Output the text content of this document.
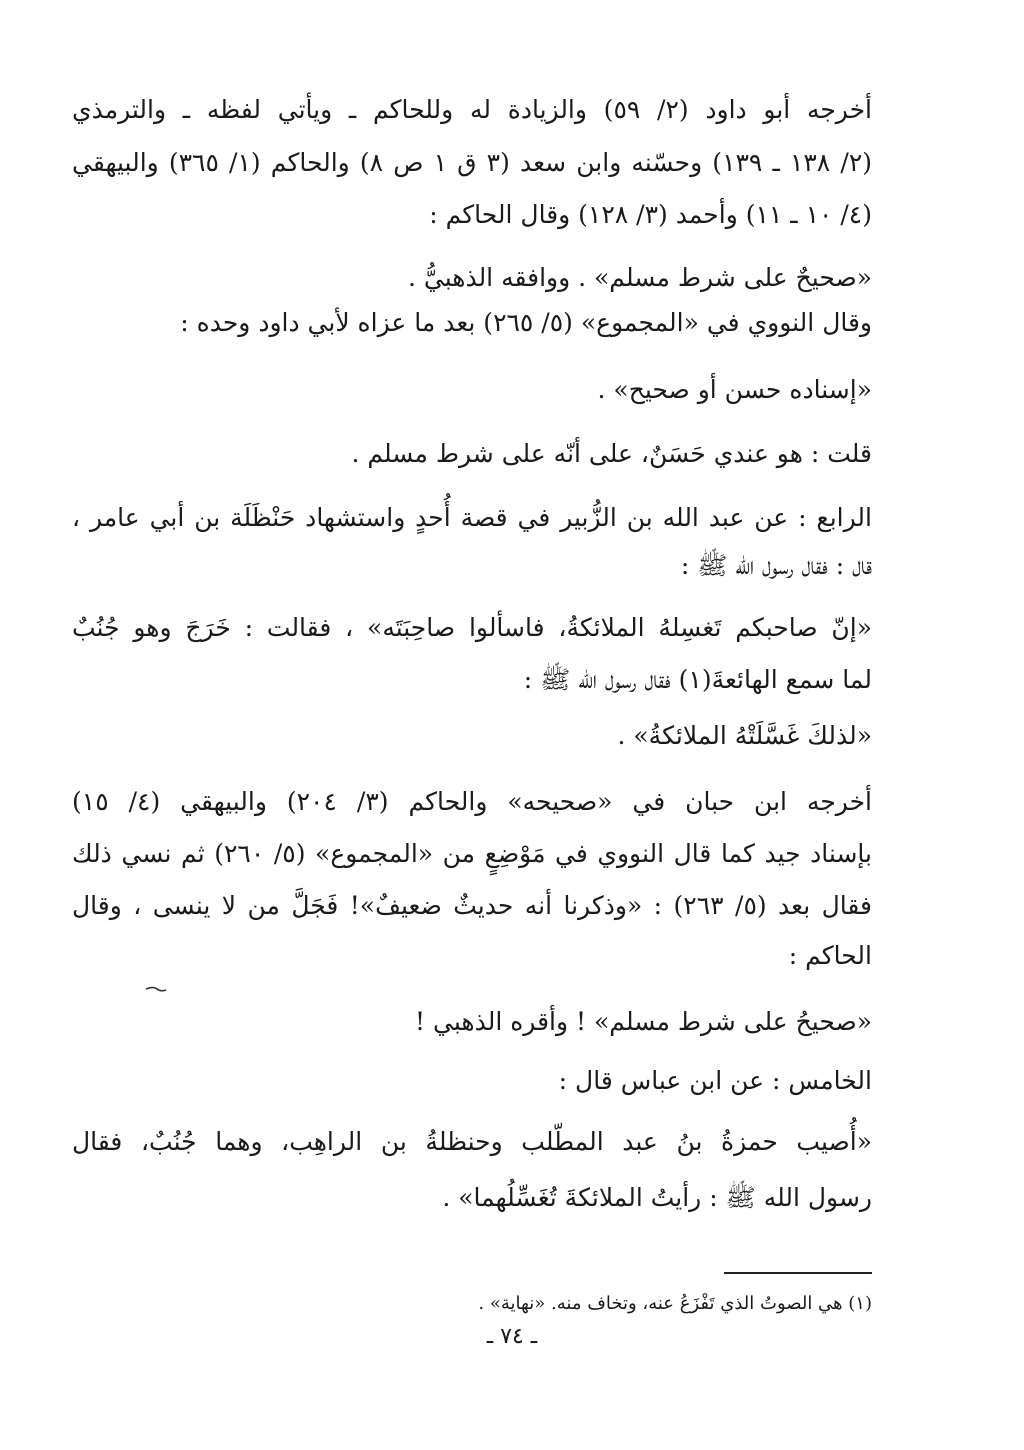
أخرجه أبو داود (٢/ ٥٩) والزيادة له وللحاكم ـ ويأتي لفظه ـ والترمذي
(٢/ ١٣٨ ـ ١٣٩) وحسّنه وابن سعد (٣ ق ١ ص ٨) والحاكم (١/ ٣٦٥) والبيهقي
(٤/ ١٠ ـ ١١) وأحمد (٣/ ١٢٨) وقال الحاكم :
«صحيحٌ على شرط مسلم» . ووافقه الذهبيُّ .
وقال النووي في «المجموع» (٥/ ٢٦٥) بعد ما عزاه لأبي داود وحده :
«إسناده حسن أو صحيح» .
قلت : هو عندي حَسَنٌ، على أنّه على شرط مسلم .
الرابع : عن عبد الله بن الزُّبير في قصة أُحدٍ واستشهاد حَنْظَلَة بن أبي عامر ،
قال : فقال رسول الله ﷺ :
«إنّ صاحبكم تَغسِلهُ الملائكةُ، فاسألوا صاحِبَتَه» ، فقالت : خَرَجَ وهو جُنُبٌ
لما سمع الهائعةَ(١) فقال رسول الله ﷺ :
«لذلكَ غَسَّلَتْهُ الملائكةُ» .
أخرجه ابن حبان في «صحيحه» والحاكم (٣/ ٢٠٤) والبيهقي (٤/ ١٥)
بإسناد جيد كما قال النووي في مَوْضِعٍ من «المجموع» (٥/ ٢٦٠) ثم نسي ذلك
فقال بعد (٥/ ٢٦٣) : «وذكرنا أنه حديثٌ ضعيفٌ»! فَجَلَّ من لا ينسى ، وقال
الحاكم :
«صحيحُ على شرط مسلم» ! وأقره الذهبي !
الخامس : عن ابن عباس قال :
«أُصيب حمزةُ بنُ عبد المطّلب وحنظلةُ بن الراهِب، وهما جُنُبٌ، فقال
رسول الله ﷺ : رأيتُ الملائكةَ تُغَسِّلُهما» .
(١) هي الصوتُ الذي تَفْزَعُ عنه، وتخاف منه. «نهاية» .
ـ ٧٤ ـ
